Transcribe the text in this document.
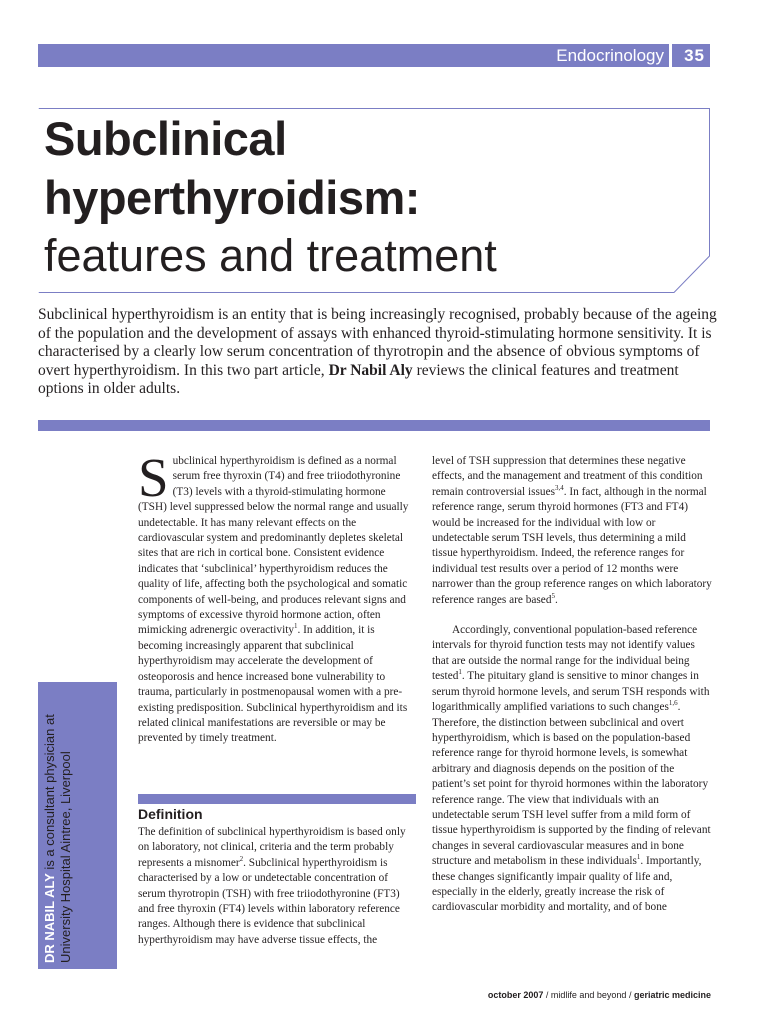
Endocrinology 35
Subclinical
hyperthyroidism:
features and treatment
Subclinical hyperthyroidism is an entity that is being increasingly recognised, probably because of the ageing of the population and the development of assays with enhanced thyroid-stimulating hormone sensitivity. It is characterised by a clearly low serum concentration of thyrotropin and the absence of obvious symptoms of overt hyperthyroidism. In this two part article, Dr Nabil Aly reviews the clinical features and treatment options in older adults.
DR NABIL ALY is a consultant physician at University Hospital Aintree, Liverpool

Subclinical hyperthyroidism is defined as a normal serum free thyroxin (T4) and free triiodothyronine (T3) levels with a thyroid-stimulating hormone (TSH) level suppressed below the normal range and usually undetectable. It has many relevant effects on the cardiovascular system and predominantly depletes skeletal sites that are rich in cortical bone. Consistent evidence indicates that ‘subclinical’ hyperthyroidism reduces the quality of life, affecting both the psychological and somatic components of well-being, and produces relevant signs and symptoms of excessive thyroid hormone action, often mimicking adrenergic overactivity$^1$. In addition, it is becoming increasingly apparent that subclinical hyperthyroidism may accelerate the development of osteoporosis and hence increased bone vulnerability to trauma, particularly in postmenopausal women with a pre-existing predisposition. Subclinical hyperthyroidism and its related clinical manifestations are reversible or may be prevented by timely treatment.

Definition

The definition of subclinical hyperthyroidism is based only on laboratory, not clinical, criteria and the term probably represents a misnomer$^2$. Subclinical hyperthyroidism is characterised by a low or undetectable concentration of serum thyrotropin (TSH) with free triiodothyronine (FT3) and free thyroxin (FT4) levels within laboratory reference ranges. Although there is evidence that subclinical hyperthyroidism may have adverse tissue effects, the

level of TSH suppression that determines these negative effects, and the management and treatment of this condition remain controversial issues$^{3,4}$. In fact, although in the normal reference range, serum thyroid hormones (FT3 and FT4) would be increased for the individual with low or undetectable serum TSH levels, thus determining a mild tissue hyperthyroidism. Indeed, the reference ranges for individual test results over a period of 12 months were narrower than the group reference ranges on which laboratory reference ranges are based$^5$.

Accordingly, conventional population-based reference intervals for thyroid function tests may not identify values that are outside the normal range for the individual being tested$^1$. The pituitary gland is sensitive to minor changes in serum thyroid hormone levels, and serum TSH responds with logarithmically amplified variations to such changes$^{1,6}$. Therefore, the distinction between subclinical and overt hyperthyroidism, which is based on the population-based reference range for thyroid hormone levels, is somewhat arbitrary and diagnosis depends on the position of the patient’s set point for thyroid hormones within the laboratory reference range. The view that individuals with an undetectable serum TSH level suffer from a mild form of tissue hyperthyroidism is supported by the finding of relevant changes in several cardiovascular measures and in bone structure and metabolism in these individuals$^1$. Importantly, these changes significantly impair quality of life and, especially in the elderly, greatly increase the risk of cardiovascular morbidity and mortality, and of bone

october 2007 / midlife and beyond / geriatric medicine
